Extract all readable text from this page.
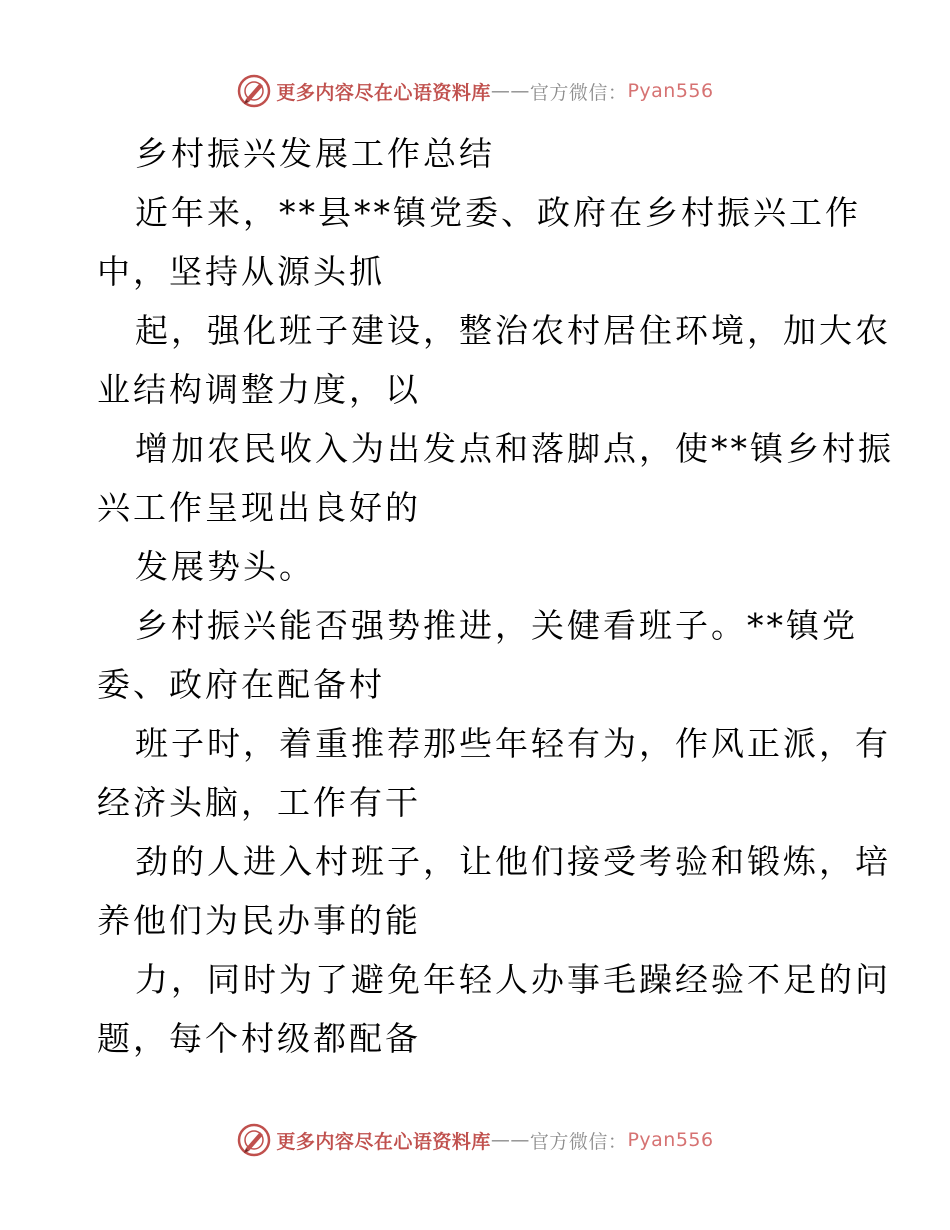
更多内容尽在心语资料库 —— 官方微信： Pyan556
乡村振兴发展工作总结
近年来，**县**镇党委、政府在乡村振兴工作
中，坚持从源头抓
起，强化班子建设，整治农村居住环境，加大农
业结构调整力度，以
增加农民收入为出发点和落脚点，使**镇乡村振
兴工作呈现出良好的
发展势头。
乡村振兴能否强势推进，关健看班子。**镇党
委、政府在配备村
班子时，着重推荐那些年轻有为，作风正派，有
经济头脑，工作有干
劲的人进入村班子，让他们接受考验和锻炼，培
养他们为民办事的能
力，同时为了避免年轻人办事毛躁经验不足的问
题，每个村级都配备
更多内容尽在心语资料库 —— 官方微信： Pyan556
